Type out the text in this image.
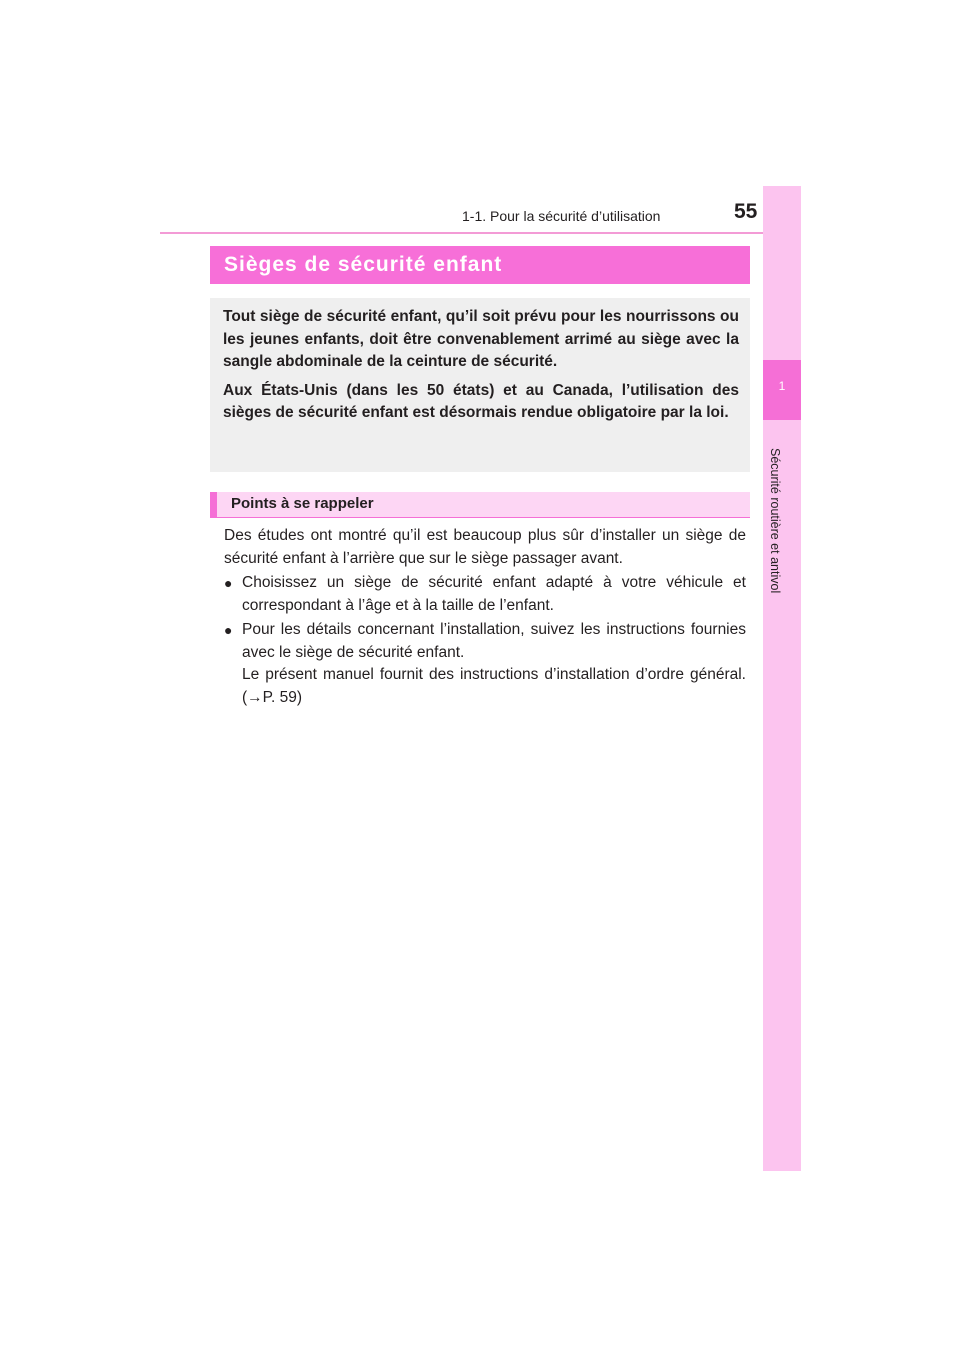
1-1. Pour la sécurité d’utilisation	55
1
Sécurité routière et antivol
Sièges de sécurité enfant

Tout siège de sécurité enfant, qu’il soit prévu pour les nourrissons ou les jeunes enfants, doit être convenablement arrimé au siège avec la sangle abdominale de la ceinture de sécurité.

Aux États-Unis (dans les 50 états) et au Canada, l’utilisation des sièges de sécurité enfant est désormais rendue obligatoire par la loi.

Points à se rappeler

Des études ont montré qu’il est beaucoup plus sûr d’installer un siège de sécurité enfant à l’arrière que sur le siège passager avant.

● Choisissez un siège de sécurité enfant adapté à votre véhicule et correspondant à l’âge et à la taille de l’enfant.

● Pour les détails concernant l’installation, suivez les instructions fournies avec le siège de sécurité enfant.

Le présent manuel fournit des instructions d’installation d’ordre général. (→P. 59)
